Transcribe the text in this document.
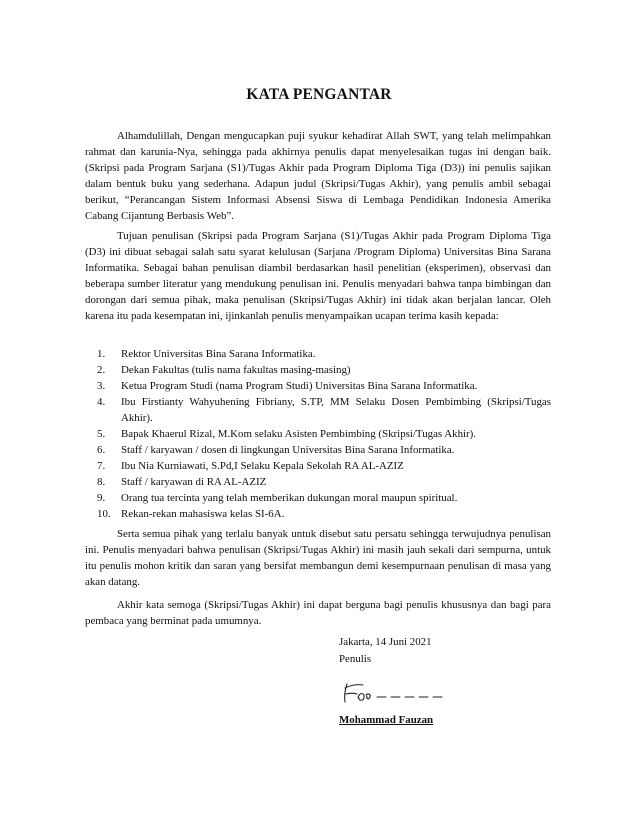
KATA PENGANTAR

Alhamdulillah, Dengan mengucapkan puji syukur kehadirat Allah SWT, yang telah melimpahkan rahmat dan karunia-Nya, sehingga pada akhirnya penulis dapat menyelesaikan tugas ini dengan baik. (Skripsi pada Program Sarjana (S1)/Tugas Akhir pada Program Diploma Tiga (D3)) ini penulis sajikan dalam bentuk buku yang sederhana. Adapun judul (Skripsi/Tugas Akhir), yang penulis ambil sebagai berikut, “Perancangan Sistem Informasi Absensi Siswa di Lembaga Pendidikan Indonesia Amerika Cabang Cijantung Berbasis Web”.

Tujuan penulisan (Skripsi pada Program Sarjana (S1)/Tugas Akhir pada Program Diploma Tiga (D3) ini dibuat sebagai salah satu syarat kelulusan (Sarjana /Program Diploma) Universitas Bina Sarana Informatika. Sebagai bahan penulisan diambil berdasarkan hasil penelitian (eksperimen), observasi dan beberapa sumber literatur yang mendukung penulisan ini. Penulis menyadari bahwa tanpa bimbingan dan dorongan dari semua pihak, maka penulisan (Skripsi/Tugas Akhir) ini tidak akan berjalan lancar. Oleh karena itu pada kesempatan ini, ijinkanlah penulis menyampaikan ucapan terima kasih kepada:

1. Rektor Universitas Bina Sarana Informatika.
2. Dekan Fakultas (tulis nama fakultas masing-masing)
3. Ketua Program Studi (nama Program Studi) Universitas Bina Sarana Informatika.
4. Ibu Firstianty Wahyuhening Fibriany, S.TP, MM Selaku Dosen Pembimbing (Skripsi/Tugas Akhir).
5. Bapak Khaerul Rizal, M.Kom selaku Asisten Pembimbing (Skripsi/Tugas Akhir).
6. Staff / karyawan / dosen di lingkungan Universitas Bina Sarana Informatika.
7. Ibu Nia Kurniawati, S.Pd,I Selaku Kepala Sekolah RA AL-AZIZ
8. Staff / karyawan di RA AL-AZIZ
9. Orang tua tercinta yang telah memberikan dukungan moral maupun spiritual.
10. Rekan-rekan mahasiswa kelas SI-6A.

Serta semua pihak yang terlalu banyak untuk disebut satu persatu sehingga terwujudnya penulisan ini. Penulis menyadari bahwa penulisan (Skripsi/Tugas Akhir) ini masih jauh sekali dari sempurna, untuk itu penulis mohon kritik dan saran yang bersifat membangun demi kesempurnaan penulisan di masa yang akan datang.

Akhir kata semoga (Skripsi/Tugas Akhir) ini dapat berguna bagi penulis khususnya dan bagi para pembaca yang berminat pada umumnya.

Jakarta, 14 Juni 2021
Penulis
Mohammad Fauzan
